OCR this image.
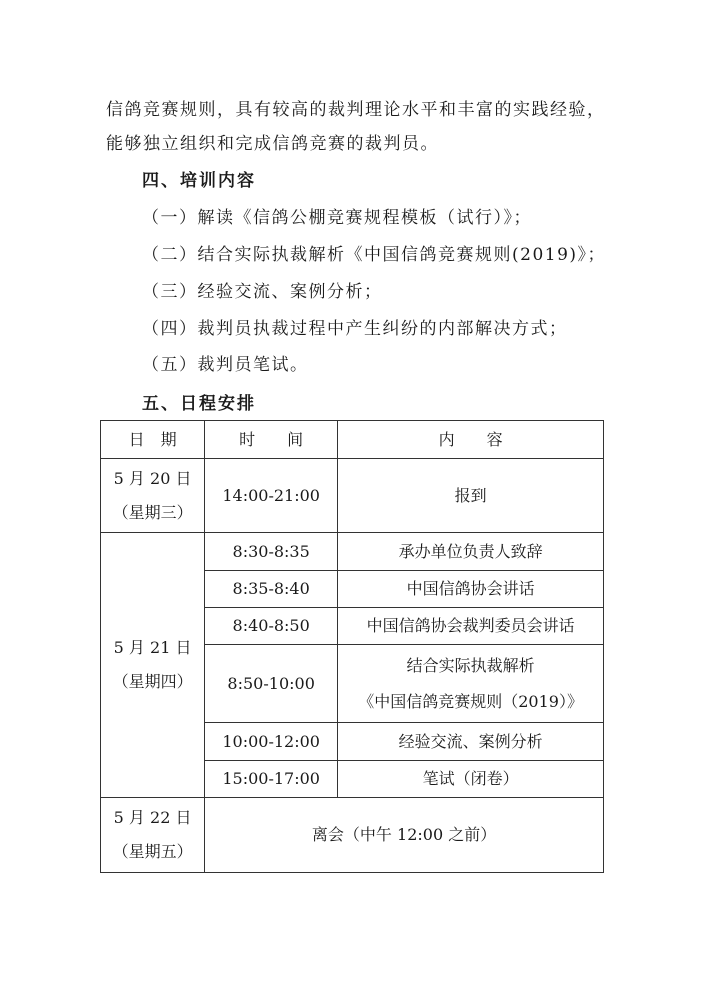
信鸽竞赛规则，具有较高的裁判理论水平和丰富的实践经验，
能够独立组织和完成信鸽竞赛的裁判员。
四、培训内容
（一）解读《信鸽公棚竞赛规程模板（试行）》；
（二）结合实际执裁解析《中国信鸽竞赛规则(2019)》；
（三）经验交流、案例分析；
（四）裁判员执裁过程中产生纠纷的内部解决方式；
（五）裁判员笔试。
五、日程安排
日　期	时　　间	内　　容

5 月 20 日
（星期三）	14:00-21:00	报到

5 月 21 日
（星期四）	8:30-8:35	承办单位负责人致辞
	8:35-8:40	中国信鸽协会讲话
	8:40-8:50	中国信鸽协会裁判委员会讲话
	8:50-10:00	结合实际执裁解析
《中国信鸽竞赛规则（2019）》

	10:00-12:00	经验交流、案例分析
	15:00-17:00	笔试（闭卷）

5 月 22 日
（星期五）	离会（中午 12:00 之前）	
